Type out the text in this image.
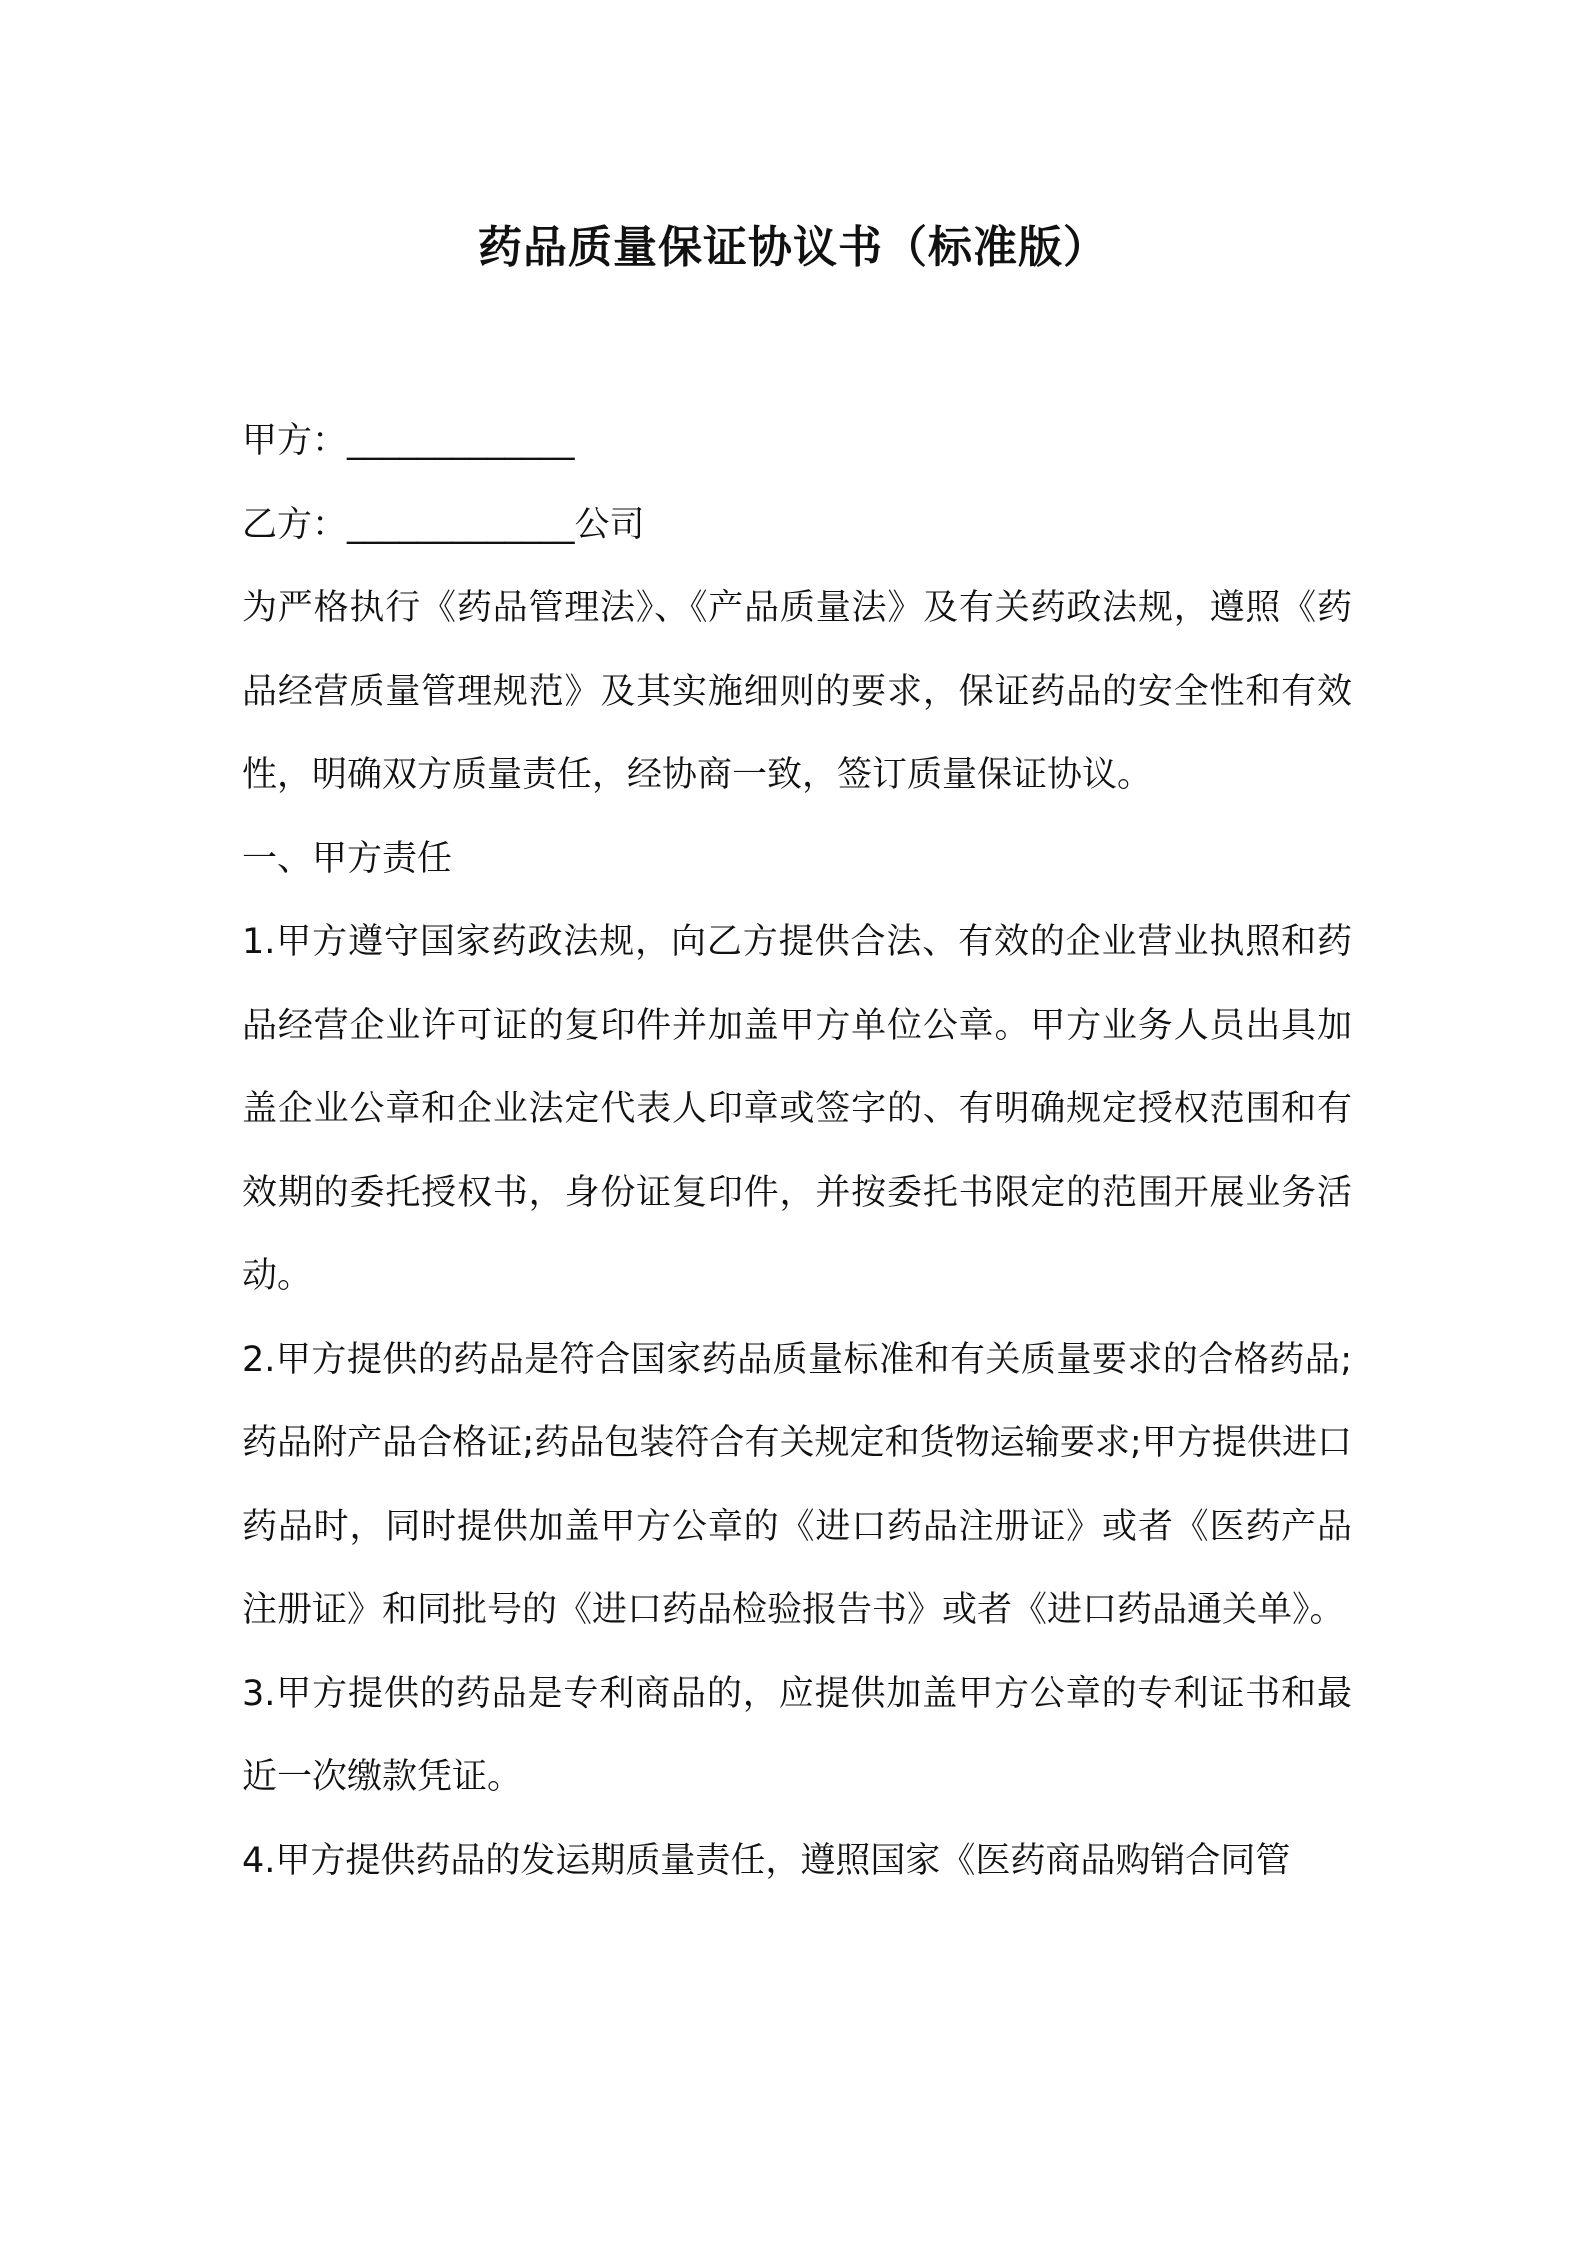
药品质量保证协议书（标准版）

甲方：_____________

乙方：_____________公司

为严格执行《药品管理法》、《产品质量法》及有关药政法规，遵照《药品经营质量管理规范》及其实施细则的要求，保证药品的安全性和有效性，明确双方质量责任，经协商一致，签订质量保证协议。

一、甲方责任

1.甲方遵守国家药政法规，向乙方提供合法、有效的企业营业执照和药品经营企业许可证的复印件并加盖甲方单位公章。甲方业务人员出具加盖企业公章和企业法定代表人印章或签字的、有明确规定授权范围和有效期的委托授权书，身份证复印件，并按委托书限定的范围开展业务活动。

2.甲方提供的药品是符合国家药品质量标准和有关质量要求的合格药品;药品附产品合格证;药品包装符合有关规定和货物运输要求;甲方提供进口药品时，同时提供加盖甲方公章的《进口药品注册证》或者《医药产品注册证》和同批号的《进口药品检验报告书》或者《进口药品通关单》。

3.甲方提供的药品是专利商品的，应提供加盖甲方公章的专利证书和最近一次缴款凭证。

4.甲方提供药品的发运期质量责任，遵照国家《医药商品购销合同管
